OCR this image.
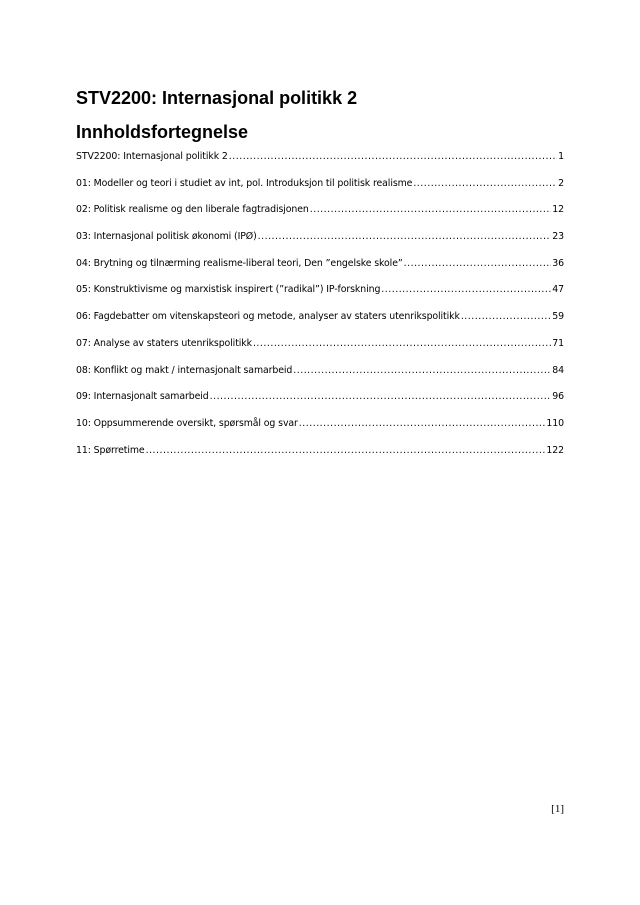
STV2200: Internasjonal politikk 2
Innholdsfortegnelse
STV2200: Internasjonal politikk 2 .....	1
01: Modeller og teori i studiet av int, pol. Introduksjon til politisk realisme .....	2
02: Politisk realisme og den liberale fagtradisjonen .....	12
03: Internasjonal politisk økonomi (IPØ) .....	23
04: Brytning og tilnærming realisme-liberal teori, Den ”engelske skole” .....	36
05: Konstruktivisme og marxistisk inspirert (”radikal”) IP-forskning .....	47
06: Fagdebatter om vitenskapsteori og metode, analyser av staters utenrikspolitikk .....	59
07: Analyse av staters utenrikspolitikk .....	71
08: Konflikt og makt / internasjonalt samarbeid .....	84
09: Internasjonalt samarbeid .....	96
10: Oppsummerende oversikt, spørsmål og svar .....	110
11: Spørretime .....	122
[1]
